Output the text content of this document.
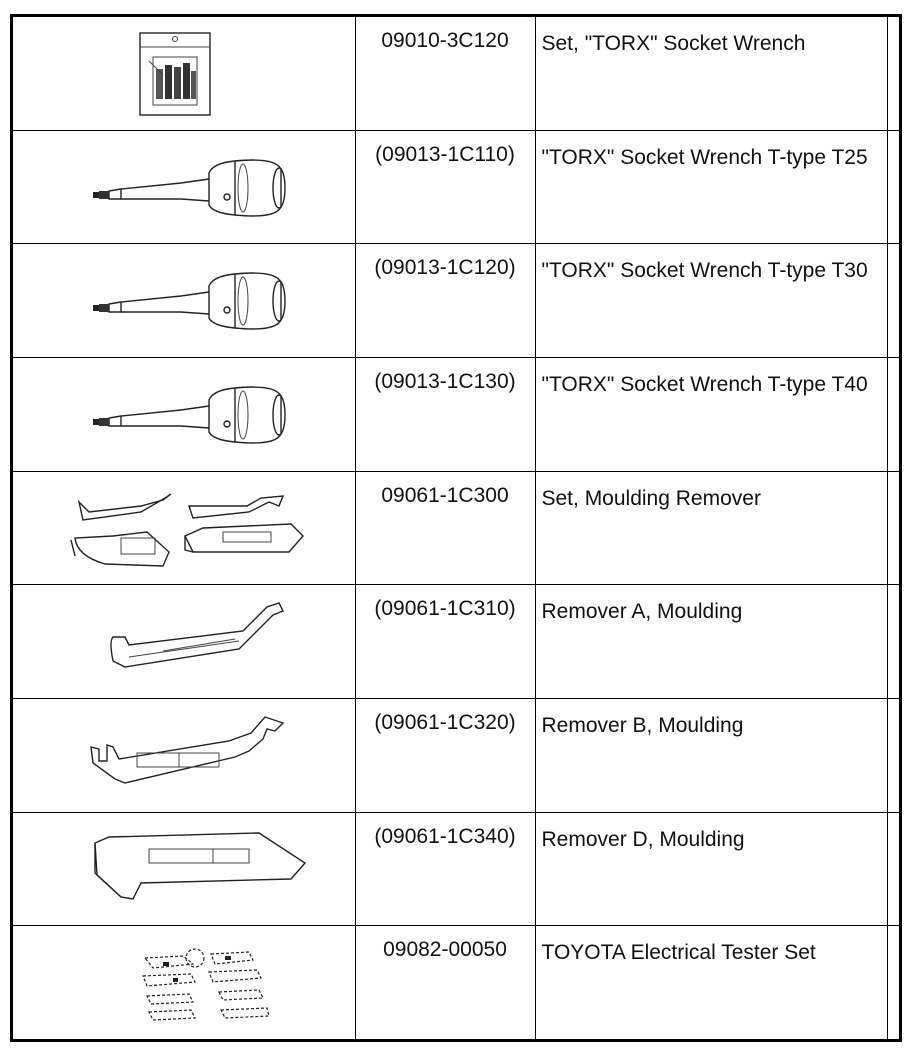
09010-3C120	Set, "TORX" Socket Wrench	

(09013-1C110)	"TORX" Socket Wrench T-type T25	

(09013-1C120)	"TORX" Socket Wrench T-type T30	

(09013-1C130)	"TORX" Socket Wrench T-type T40	

09061-1C300	Set, Moulding Remover	

(09061-1C310)	Remover A, Moulding	

(09061-1C320)	Remover B, Moulding	

(09061-1C340)	Remover D, Moulding	

09082-00050	TOYOTA Electrical Tester Set	
